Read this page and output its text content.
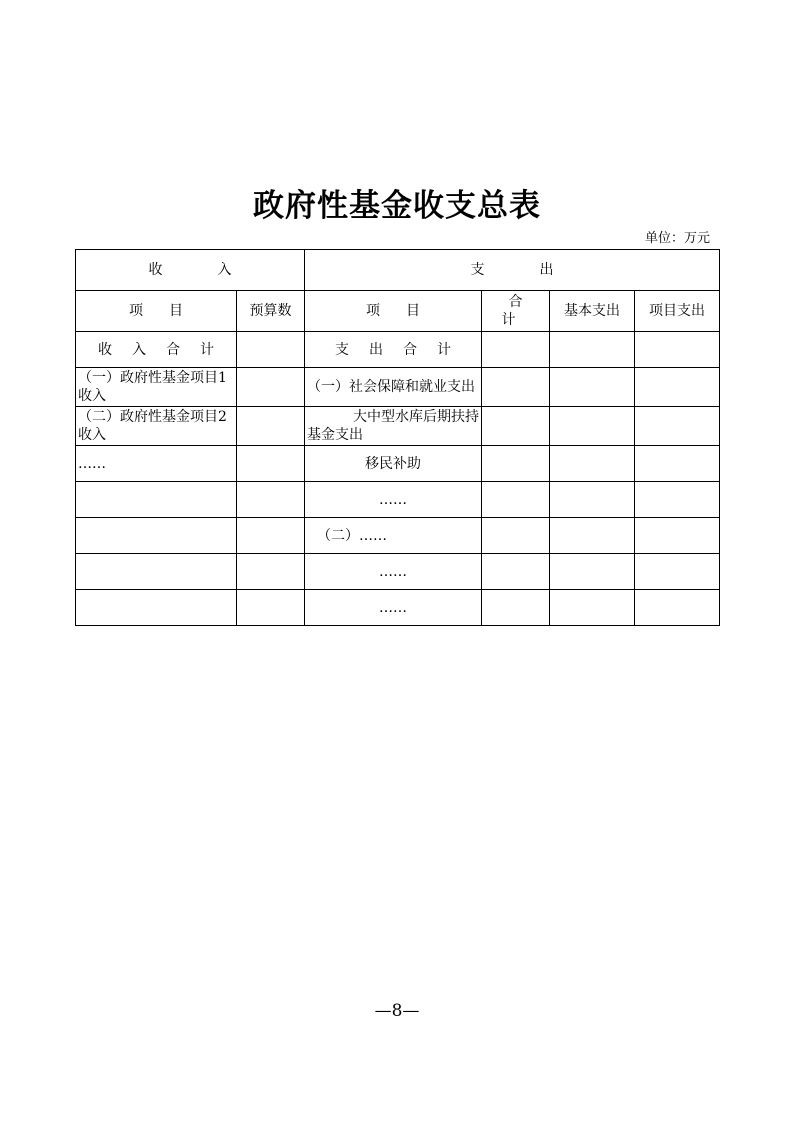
政府性基金收支总表
单位：万元
收入		支出			
项目	预算数	项目	合计	基本支出	项目支出
收入合计		支出合计			
（一）政府性基金项目1收入		（一）社会保障和就业支出			
（二）政府性基金项目2收入		大中型水库后期扶持基金支出			
……		移民补助			
		……			
		（二）……			
		……			
		……			
—8—
